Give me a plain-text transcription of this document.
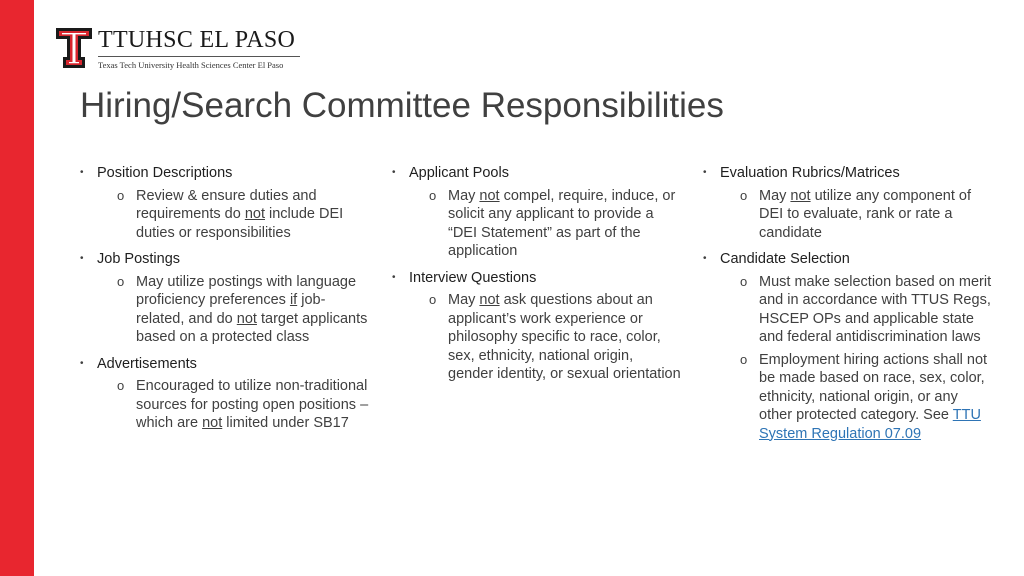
TTUHSC EL PASO
Texas Tech University Health Sciences Center El Paso
Hiring/Search Committee Responsibilities
• Position Descriptions
o Review & ensure duties and requirements do not include DEI duties or responsibilities
• Job Postings
o May utilize postings with language proficiency preferences if job-related, and do not target applicants based on a protected class
• Advertisements
o Encouraged to utilize non-traditional sources for posting open positions – which are not limited under SB17
• Applicant Pools
o May not compel, require, induce, or solicit any applicant to provide a “DEI Statement” as part of the application
• Interview Questions
o May not ask questions about an applicant’s work experience or philosophy specific to race, color, sex, ethnicity, national origin, gender identity, or sexual orientation
• Evaluation Rubrics/Matrices
o May not utilize any component of DEI to evaluate, rank or rate a candidate
• Candidate Selection
o Must make selection based on merit and in accordance with TTUS Regs, HSCEP OPs and applicable state and federal antidiscrimination laws
o Employment hiring actions shall not be made based on race, sex, color, ethnicity, national origin, or any other protected category. See TTU System Regulation 07.09
